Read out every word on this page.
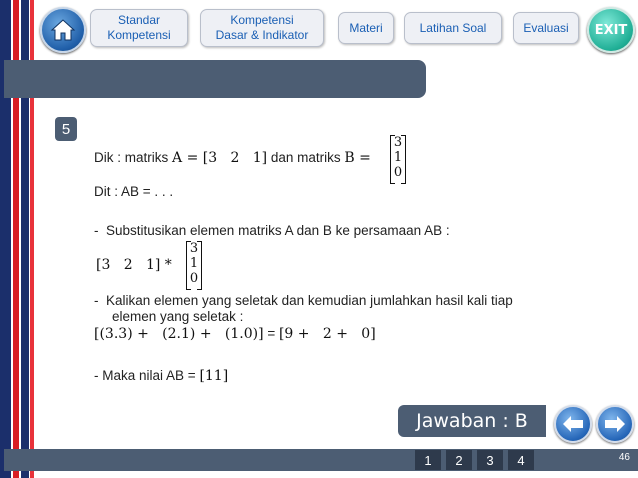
Standar
Kompetensi
Kompetensi
Dasar & Indikator
Materi	Latihan Soal	Evaluasi EXIT
5
Dik : matriks A = [3   2   1] dan matriks B =
3
1
0
Dit : AB = . . .
-  Substitusikan elemen matriks A dan B ke persamaan AB :
[3   2   1] *
3
1
0
-  Kalikan elemen yang seletak dan kemudian jumlahkan hasil kali tiap
elemen yang seletak :
[(3.3) +   (2.1) +   (1.0)] = [9 +   2 +   0]
- Maka nilai AB = [11]
Jawaban : B
1 2 3 4	46
